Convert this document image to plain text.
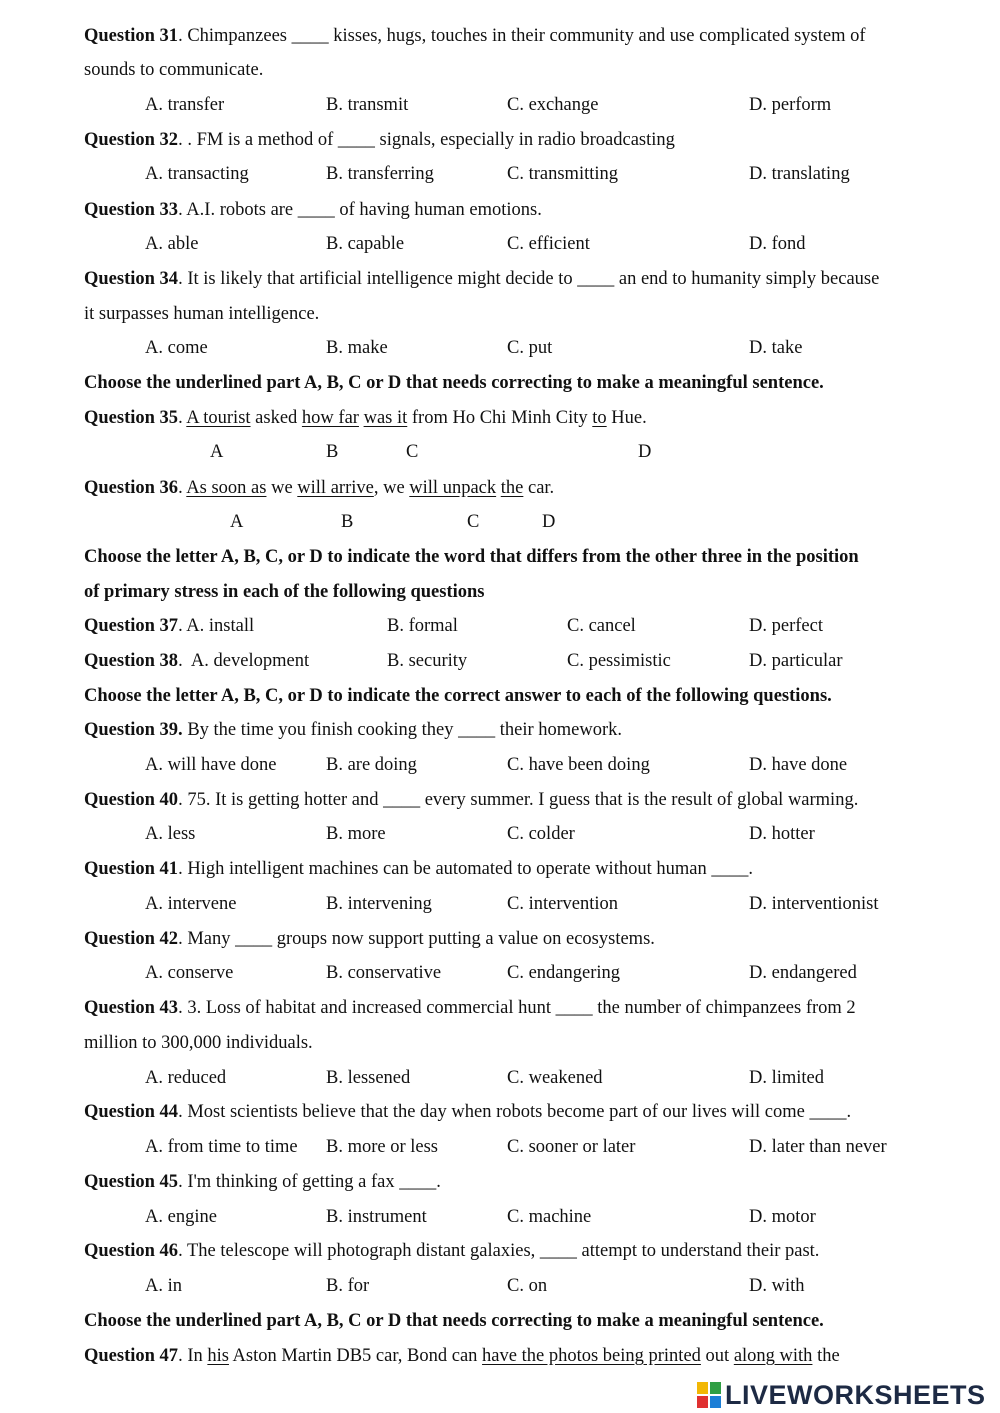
Question 31. Chimpanzees ____ kisses, hugs, touches in their community and use complicated system of
sounds to communicate.
A. transfer	B. transmit	C. exchange	D. perform
Question 32. . FM is a method of ____ signals, especially in radio broadcasting
A. transacting	B. transferring	C. transmitting	D. translating
Question 33. A.I. robots are ____ of having human emotions.
A. able	B. capable	C. efficient	D. fond
Question 34. It is likely that artificial intelligence might decide to ____ an end to humanity simply because
it surpasses human intelligence.
A. come	B. make	C. put	D. take
Choose the underlined part A, B, C or D that needs correcting to make a meaningful sentence.
Question 35. A tourist asked how far was it from Ho Chi Minh City to Hue.
A	B	C	D
Question 36. As soon as we will arrive, we will unpack the car.
A	B	C	D
Choose the letter A, B, C, or D to indicate the word that differs from the other three in the position
of primary stress in each of the following questions
Question 37. A. install	B. formal	C. cancel	D. perfect
Question 38.  A. development	B. security	C. pessimistic	D. particular
Choose the letter A, B, C, or D to indicate the correct answer to each of the following questions.
Question 39. By the time you finish cooking they ____ their homework.
A. will have done	B. are doing	C. have been doing	D. have done
Question 40. 75. It is getting hotter and ____ every summer. I guess that is the result of global warming.
A. less	B. more	C. colder	D. hotter
Question 41. High intelligent machines can be automated to operate without human ____.
A. intervene	B. intervening	C. intervention	D. interventionist
Question 42. Many ____ groups now support putting a value on ecosystems.
A. conserve	B. conservative	C. endangering	D. endangered
Question 43. 3. Loss of habitat and increased commercial hunt ____ the number of chimpanzees from 2
million to 300,000 individuals.
A. reduced	B. lessened	C. weakened	D. limited
Question 44. Most scientists believe that the day when robots become part of our lives will come ____.
A. from time to time B. more or less	C. sooner or later	D. later than never
Question 45. I'm thinking of getting a fax ____.
A. engine	B. instrument	C. machine	D. motor
Question 46. The telescope will photograph distant galaxies, ____ attempt to understand their past.
A. in	B. for	C. on	D. with
Choose the underlined part A, B, C or D that needs correcting to make a meaningful sentence.
Question 47. In his Aston Martin DB5 car, Bond can have the photos being printed out along with the
LIVEWORKSHEETS
